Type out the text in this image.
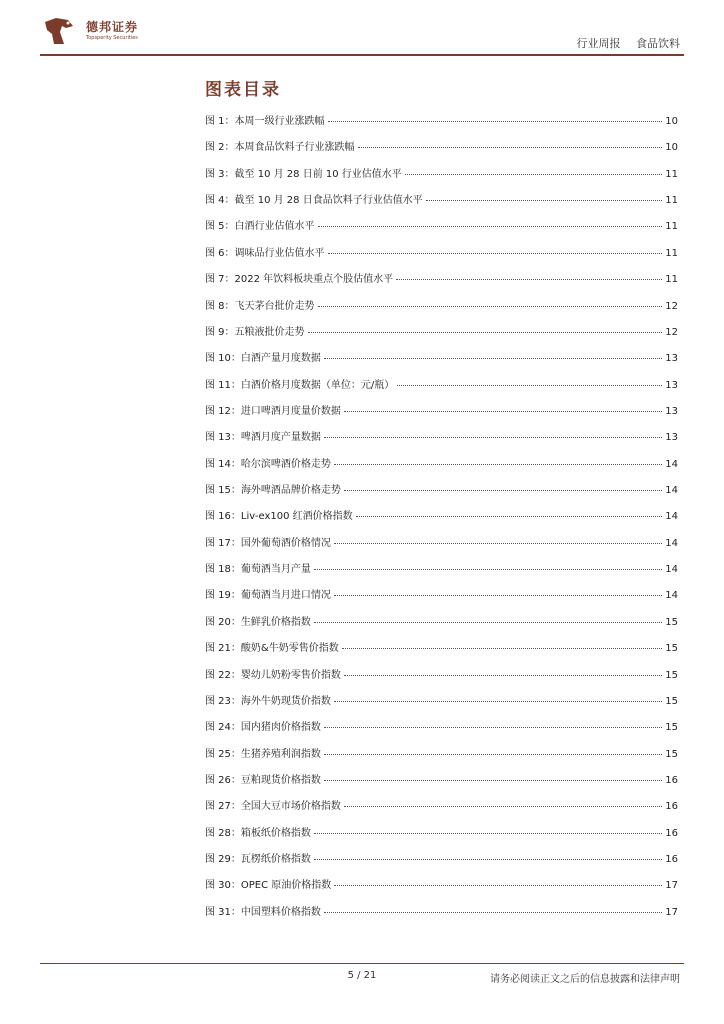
德邦证券
Topsperity Securities	行业周报 食品饮料
图表目录
图 1：本周一级行业涨跌幅	10
图 2：本周食品饮料子行业涨跌幅	10
图 3：截至 10 月 28 日前 10 行业估值水平	11
图 4：截至 10 月 28 日食品饮料子行业估值水平	11
图 5：白酒行业估值水平	11
图 6：调味品行业估值水平	11
图 7：2022 年饮料板块重点个股估值水平	11
图 8：飞天茅台批价走势	12
图 9：五粮液批价走势	12
图 10：白酒产量月度数据	13
图 11：白酒价格月度数据（单位：元/瓶）	13
图 12：进口啤酒月度量价数据	13
图 13：啤酒月度产量数据	13
图 14：哈尔滨啤酒价格走势	14
图 15：海外啤酒品牌价格走势	14
图 16：Liv-ex100 红酒价格指数	14
图 17：国外葡萄酒价格情况	14
图 18：葡萄酒当月产量	14
图 19：葡萄酒当月进口情况	14
图 20：生鲜乳价格指数	15
图 21：酸奶&牛奶零售价指数	15
图 22：婴幼儿奶粉零售价指数	15
图 23：海外牛奶现货价指数	15
图 24：国内猪肉价格指数	15
图 25：生猪养殖利润指数	15
图 26：豆粕现货价格指数	16
图 27：全国大豆市场价格指数	16
图 28：箱板纸价格指数	16
图 29：瓦楞纸价格指数	16
图 30：OPEC 原油价格指数	17
图 31：中国塑料价格指数	17
5 / 21	请务必阅读正文之后的信息披露和法律声明
